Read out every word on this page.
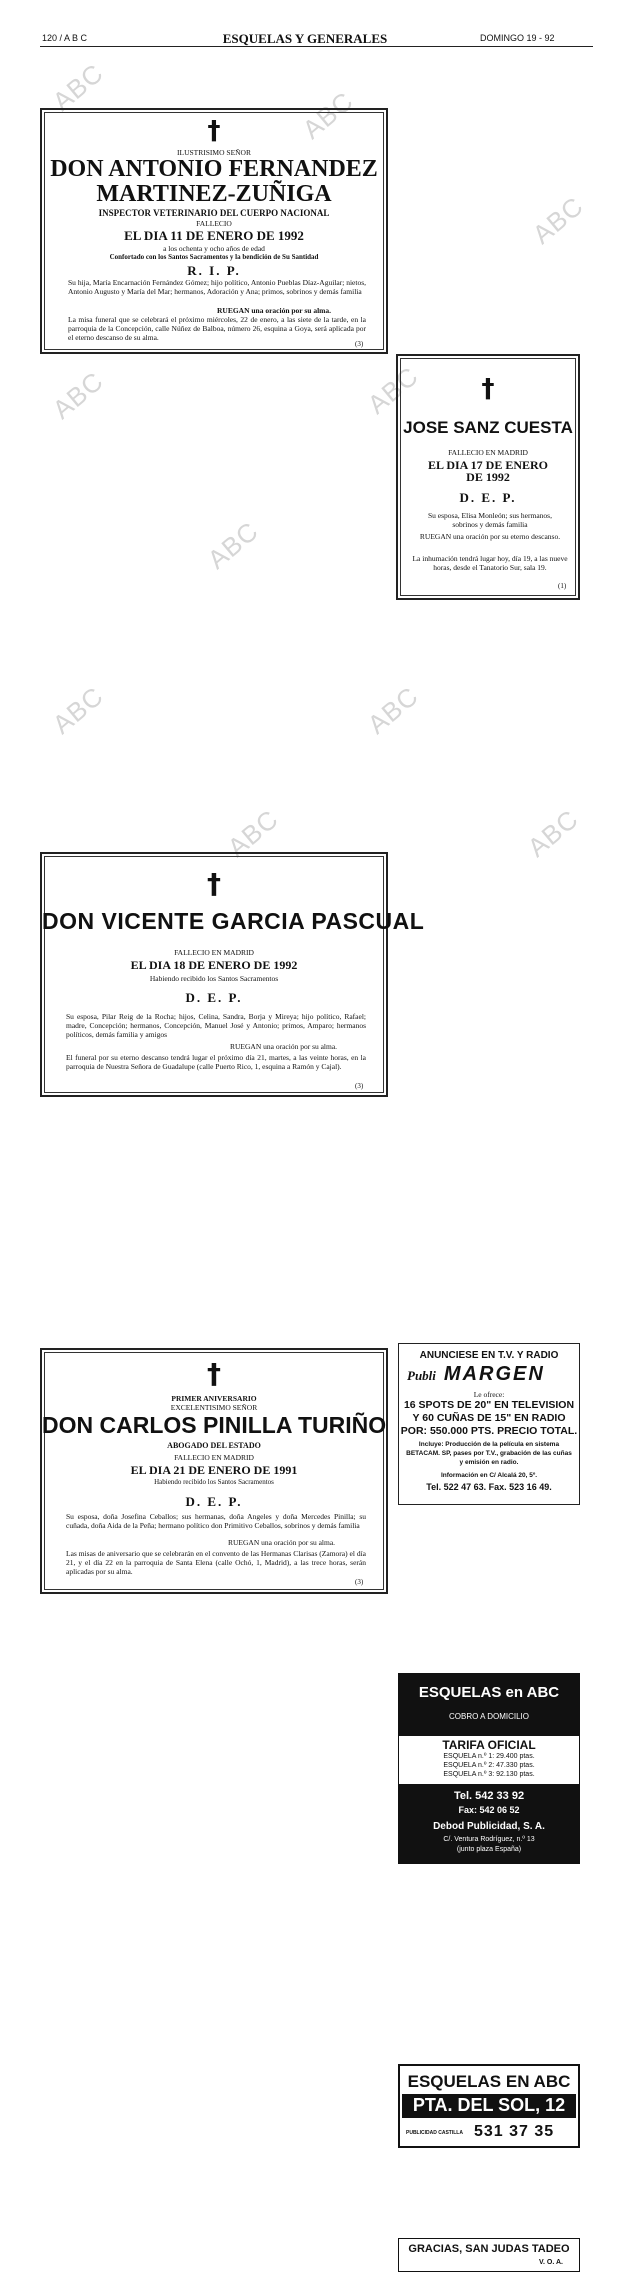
ABC	ABC
ABC
ABC	ABC
ABC
ABC	ABC
ABC	ABC
120 / A B C	ESQUELAS Y GENERALES	DOMINGO 19 - 92
†
ILUSTRISIMO SEÑOR
DON ANTONIO FERNANDEZ
MARTINEZ-ZUÑIGA
INSPECTOR VETERINARIO DEL CUERPO NACIONAL
FALLECIO
EL DIA 11 DE ENERO DE 1992
a los ochenta y ocho años de edad
Confortado con los Santos Sacramentos y la bendición de Su Santidad
R. I. P.
Su hija, María Encarnación Fernández Gómez; hijo político, Antonio Pueblas Díaz-Aguilar; nietos, Antonio Augusto y María del Mar; hermanos, Adoración y Ana; primos, sobrinos y demás familia
RUEGAN una oración por su alma.
La misa funeral que se celebrará el próximo miércoles, 22 de enero, a las siete de la tarde, en la parroquia de la Concepción, calle Núñez de Balboa, número 26, esquina a Goya, será aplicada por el eterno descanso de su alma.
(3)
†
JOSE SANZ CUESTA
FALLECIO EN MADRID
EL DIA 17 DE ENERO
DE 1992
D. E. P.
Su esposa, Elisa Monleón; sus hermanos, sobrinos y demás familia
RUEGAN una oración por su eterno descanso.
La inhumación tendrá lugar hoy, día 19, a las nueve horas, desde el Tanatorio Sur, sala 19.
(1)
†
DON VICENTE GARCIA PASCUAL
FALLECIO EN MADRID
EL DIA 18 DE ENERO DE 1992
Habiendo recibido los Santos Sacramentos
D. E. P.
Su esposa, Pilar Reig de la Rocha; hijos, Celina, Sandra, Borja y Mireya; hijo político, Rafael; madre, Concepción; hermanos, Concepción, Manuel José y Antonio; primos, Amparo; hermanos políticos, demás familia y amigos
RUEGAN una oración por su alma.
El funeral por su eterno descanso tendrá lugar el próximo día 21, martes, a las veinte horas, en la parroquia de Nuestra Señora de Guadalupe (calle Puerto Rico, 1, esquina a Ramón y Cajal).
(3)
†
PRIMER ANIVERSARIO
EXCELENTISIMO SEÑOR
DON CARLOS PINILLA TURIÑO
ABOGADO DEL ESTADO
FALLECIO EN MADRID
EL DIA 21 DE ENERO DE 1991
Habiendo recibido los Santos Sacramentos
D. E. P.
Su esposa, doña Josefina Ceballos; sus hermanas, doña Angeles y doña Mercedes Pinilla; su cuñada, doña Aida de la Peña; hermano político don Primitivo Ceballos, sobrinos y demás familia
RUEGAN una oración por su alma.
Las misas de aniversario que se celebrarán en el convento de las Hermanas Clarisas (Zamora) el día 21, y el día 22 en la parroquia de Santa Elena (calle Ochó, 1, Madrid), a las trece horas, serán aplicadas por su alma.
(3)
ANUNCIESE EN T.V. Y RADIO
Publi MARGEN
Le ofrece:
16 SPOTS DE 20" EN TELEVISION
Y 60 CUÑAS DE 15" EN RADIO
POR: 550.000 PTS. PRECIO TOTAL.
Incluye: Producción de la película en sistema
BETACAM. SP, pases por T.V., grabación de las cuñas
y emisión en radio.
Información en C/ Alcalá 20, 5º.
Tel. 522 47 63. Fax. 523 16 49.
ESQUELAS en ABC
COBRO A DOMICILIO
TARIFA OFICIAL
ESQUELA n.º 1: 29.400 ptas.
ESQUELA n.º 2: 47.330 ptas.
ESQUELA n.º 3: 92.130 ptas.
Tel. 542 33 92
Fax: 542 06 52
Debod Publicidad, S. A.
C/. Ventura Rodríguez, n.º 13
(junto plaza España)
ESQUELAS EN ABC
PTA. DEL SOL, 12
PUBLICIDAD CASTILLA 531 37 35
GRACIAS, SAN JUDAS TADEO
V. O. A.
